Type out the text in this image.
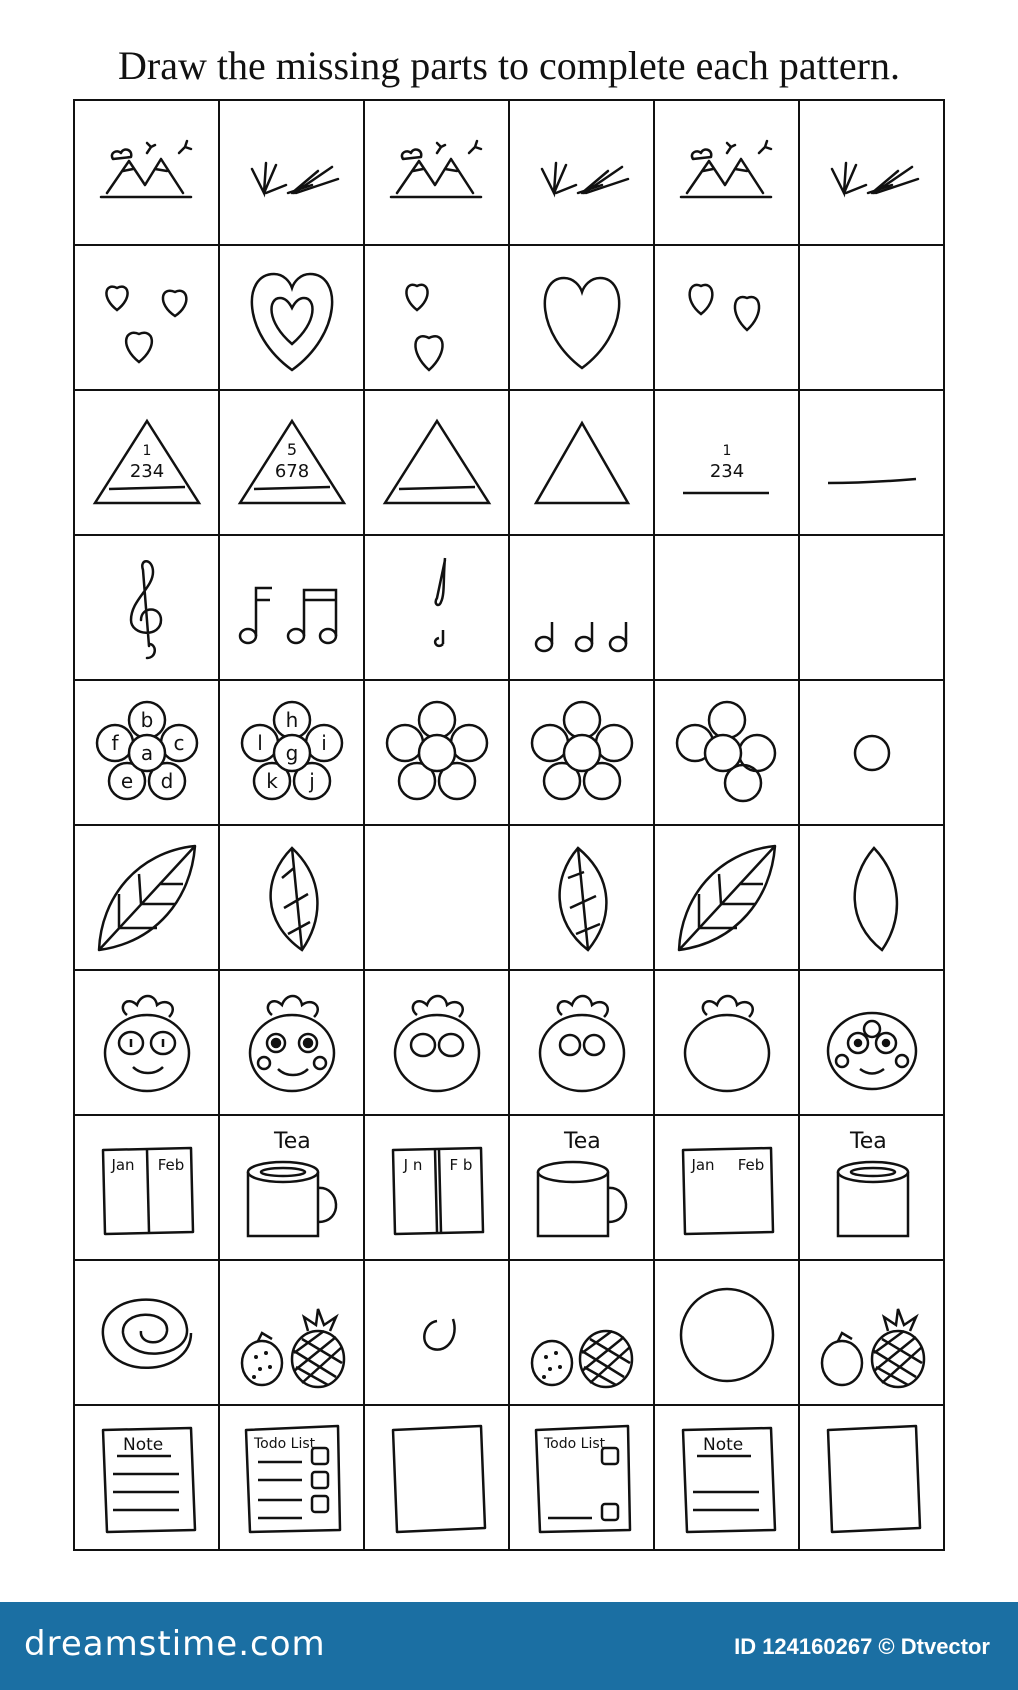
Draw the missing parts to complete each pattern.
1
234
5
678
1
234
b
c
d
e
f a
h
i
j
k
l g
Jan Feb
Tea
J n F b
Tea
Jan Feb
Tea
Note	Todo List	Todo List	Note
dreamstime.com	ID 124160267 © Dtvector
